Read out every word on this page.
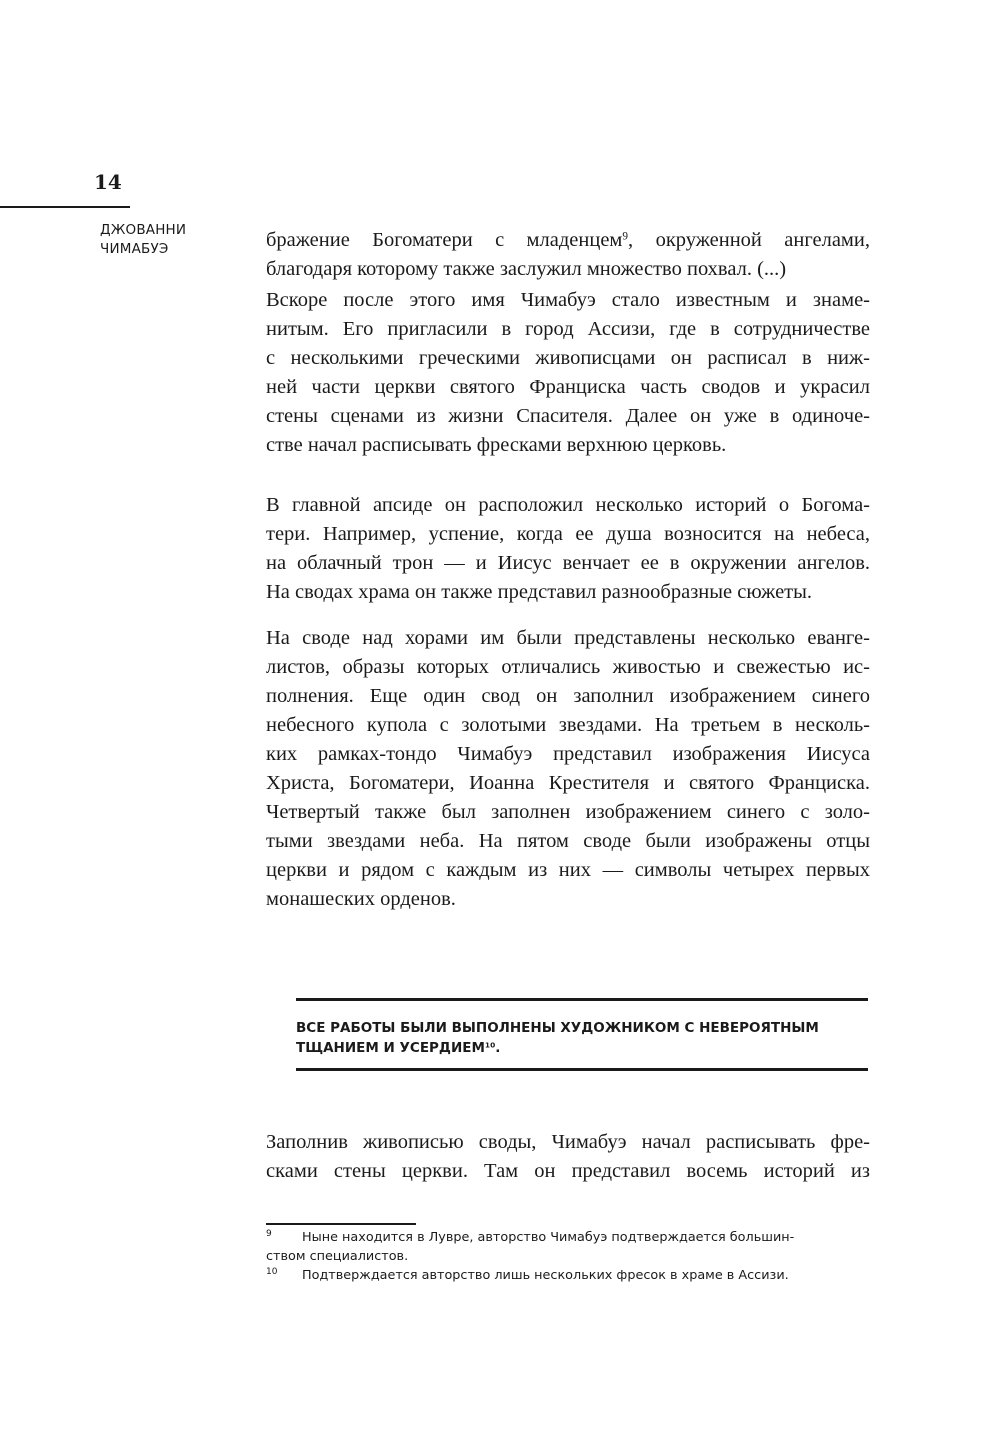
14
ДЖОВАННИ
ЧИМАБУЭ	бражение Богоматери с младенцем$^9$, окруженной ангелами,
благодаря которому также заслужил множество похвал. (...)
Вскоре после этого имя Чимабуэ стало известным и знаме-
нитым. Его пригласили в город Ассизи, где в сотрудничестве
с несколькими греческими живописцами он расписал в ниж-
ней части церкви святого Франциска часть сводов и украсил
стены сценами из жизни Спасителя. Далее он уже в одиноче-
стве начал расписывать фресками верхнюю церковь.
В главной апсиде он расположил несколько историй о Богома-
тери. Например, успение, когда ее душа возносится на небеса,
на облачный трон — и Иисус венчает ее в окружении ангелов.
На сводах храма он также представил разнообразные сюжеты.
На своде над хорами им были представлены несколько еванге-
листов, образы которых отличались живостью и свежестью ис-
полнения. Еще один свод он заполнил изображением синего
небесного купола с золотыми звездами. На третьем в несколь-
ких рамках-тондо Чимабуэ представил изображения Иисуса
Христа, Богоматери, Иоанна Крестителя и святого Франциска.
Четвертый также был заполнен изображением синего с золо-
тыми звездами неба. На пятом своде были изображены отцы
церкви и рядом с каждым из них — символы четырех первых
монашеских орденов.
ВСЕ РАБОТЫ БЫЛИ ВЫПОЛНЕНЫ ХУДОЖНИКОМ С НЕВЕРОЯТНЫМ
ТЩАНИЕМ И УСЕРДИЕМ$^{10}$.
Заполнив живописью своды, Чимабуэ начал расписывать фре-
сками стены церкви. Там он представил восемь историй из
9	Ныне находится в Лувре, авторство Чимабуэ подтверждается большин-
ством специалистов.
10	Подтверждается авторство лишь нескольких фресок в храме в Ассизи.
